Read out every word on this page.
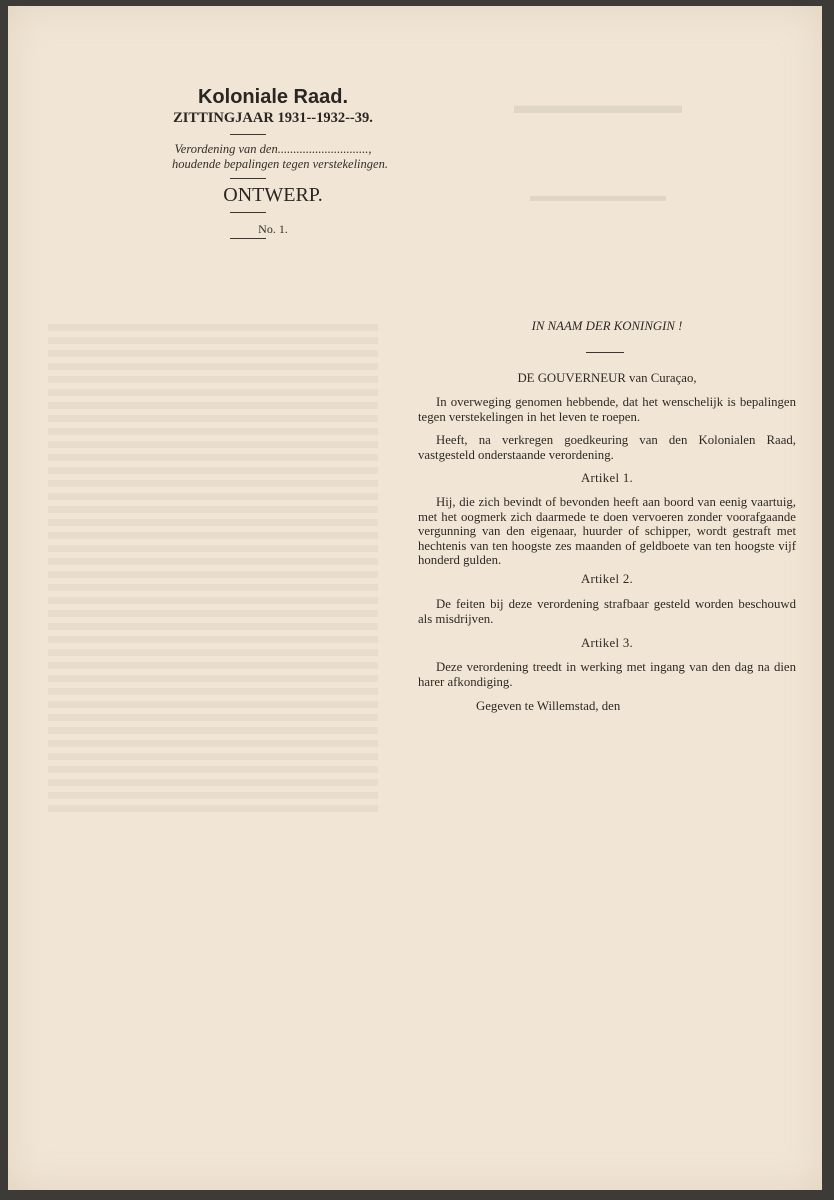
▬▬▬▬▬▬▬
▬▬▬▬▬▬▬▬
Koloniale Raad.
ZITTINGJAAR 1931--1932--39.
Verordening van den.............................,
houdende bepalingen tegen verstekelingen.
ONTWERP.
No. 1.
IN NAAM DER KONINGIN !
DE GOUVERNEUR van Curaçao,
In overweging genomen hebbende, dat het wenschelijk is bepalingen tegen verstekelingen in het leven te roepen.
Heeft, na verkregen goedkeuring van den Kolonialen Raad, vastgesteld onderstaande verordening.
Artikel 1.
Hij, die zich bevindt of bevonden heeft aan boord van eenig vaartuig, met het oogmerk zich daarmede te doen vervoeren zonder voorafgaande vergunning van den eigenaar, huurder of schipper, wordt gestraft met hechtenis van ten hoogste zes maanden of geldboete van ten hoogste vijf honderd gulden.
Artikel 2.
De feiten bij deze verordening strafbaar gesteld worden beschouwd als misdrijven.
Artikel 3.
Deze verordening treedt in werking met ingang van den dag na dien harer afkondiging.
Gegeven te Willemstad, den
